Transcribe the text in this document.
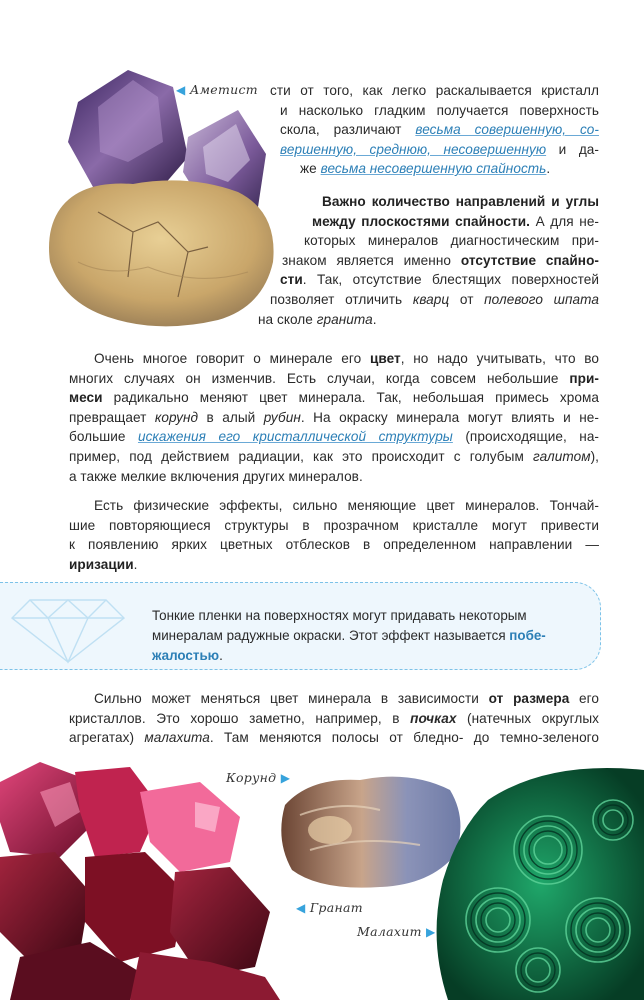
◀ Аметист сти от того, как легко раскалывается кристалл
и насколько гладким получается поверхность
скола, различают весьма совершенную, со-
вершенную, среднюю, несовершенную и да-
же весьма несовершенную спайность.
Важно количество направлений и углы
между плоскостями спайности. А для не-
которых минералов диагностическим при-
знаком является именно отсутствие спайно-
сти. Так, отсутствие блестящих поверхностей
позволяет отличить кварц от полевого шпата
на сколе гранита.
Очень многое говорит о минерале его цвет, но надо учитывать, что во
многих случаях он изменчив. Есть случаи, когда совсем небольшие при-
меси радикально меняют цвет минерала. Так, небольшая примесь хрома
превращает корунд в алый рубин. На окраску минерала могут влиять и не-
большие искажения его кристаллической структуры (происходящие, на-
пример, под действием радиации, как это происходит с голубым галитом),
а также мелкие включения других минералов.
Есть физические эффекты, сильно меняющие цвет минералов. Тончай-
шие повторяющиеся структуры в прозрачном кристалле могут привести
к появлению ярких цветных отблесков в определенном направлении —
иризации.
Тонкие пленки на поверхностях могут придавать некоторым
минералам радужные окраски. Этот эффект называется побе-
жалостью.
Сильно может меняться цвет минерала в зависимости от размера его
кристаллов. Это хорошо заметно, например, в почках (натечных округлых
агрегатах) малахита. Там меняются полосы от бледно- до темно-зеленого
Корунд ▶
◀ Гранат
Малахит ▶
